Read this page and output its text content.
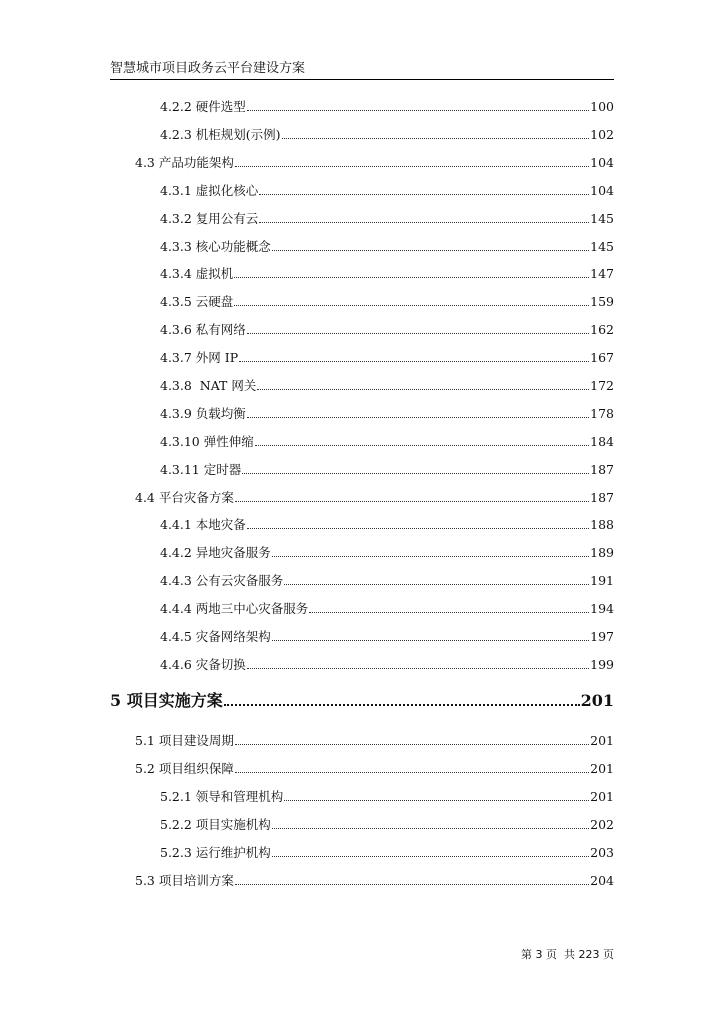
智慧城市项目政务云平台建设方案
4.2.2 硬件选型	100
4.2.3 机柜规划(示例)	102
4.3 产品功能架构	104
4.3.1 虚拟化核心	104
4.3.2 复用公有云	145
4.3.3 核心功能概念	145
4.3.4 虚拟机	147
4.3.5 云硬盘	159
4.3.6 私有网络	162
4.3.7 外网 IP	167
4.3.8  NAT 网关	172
4.3.9 负载均衡	178
4.3.10 弹性伸缩	184
4.3.11 定时器	187
4.4 平台灾备方案	187
4.4.1 本地灾备	188
4.4.2 异地灾备服务	189
4.4.3 公有云灾备服务	191
4.4.4 两地三中心灾备服务	194
4.4.5 灾备网络架构	197
4.4.6 灾备切换	199
5 项目实施方案	201
5.1 项目建设周期	201
5.2 项目组织保障	201
5.2.1 领导和管理机构	201
5.2.2 项目实施机构	202
5.2.3 运行维护机构	203
5.3 项目培训方案	204
第 3 页  共 223 页
